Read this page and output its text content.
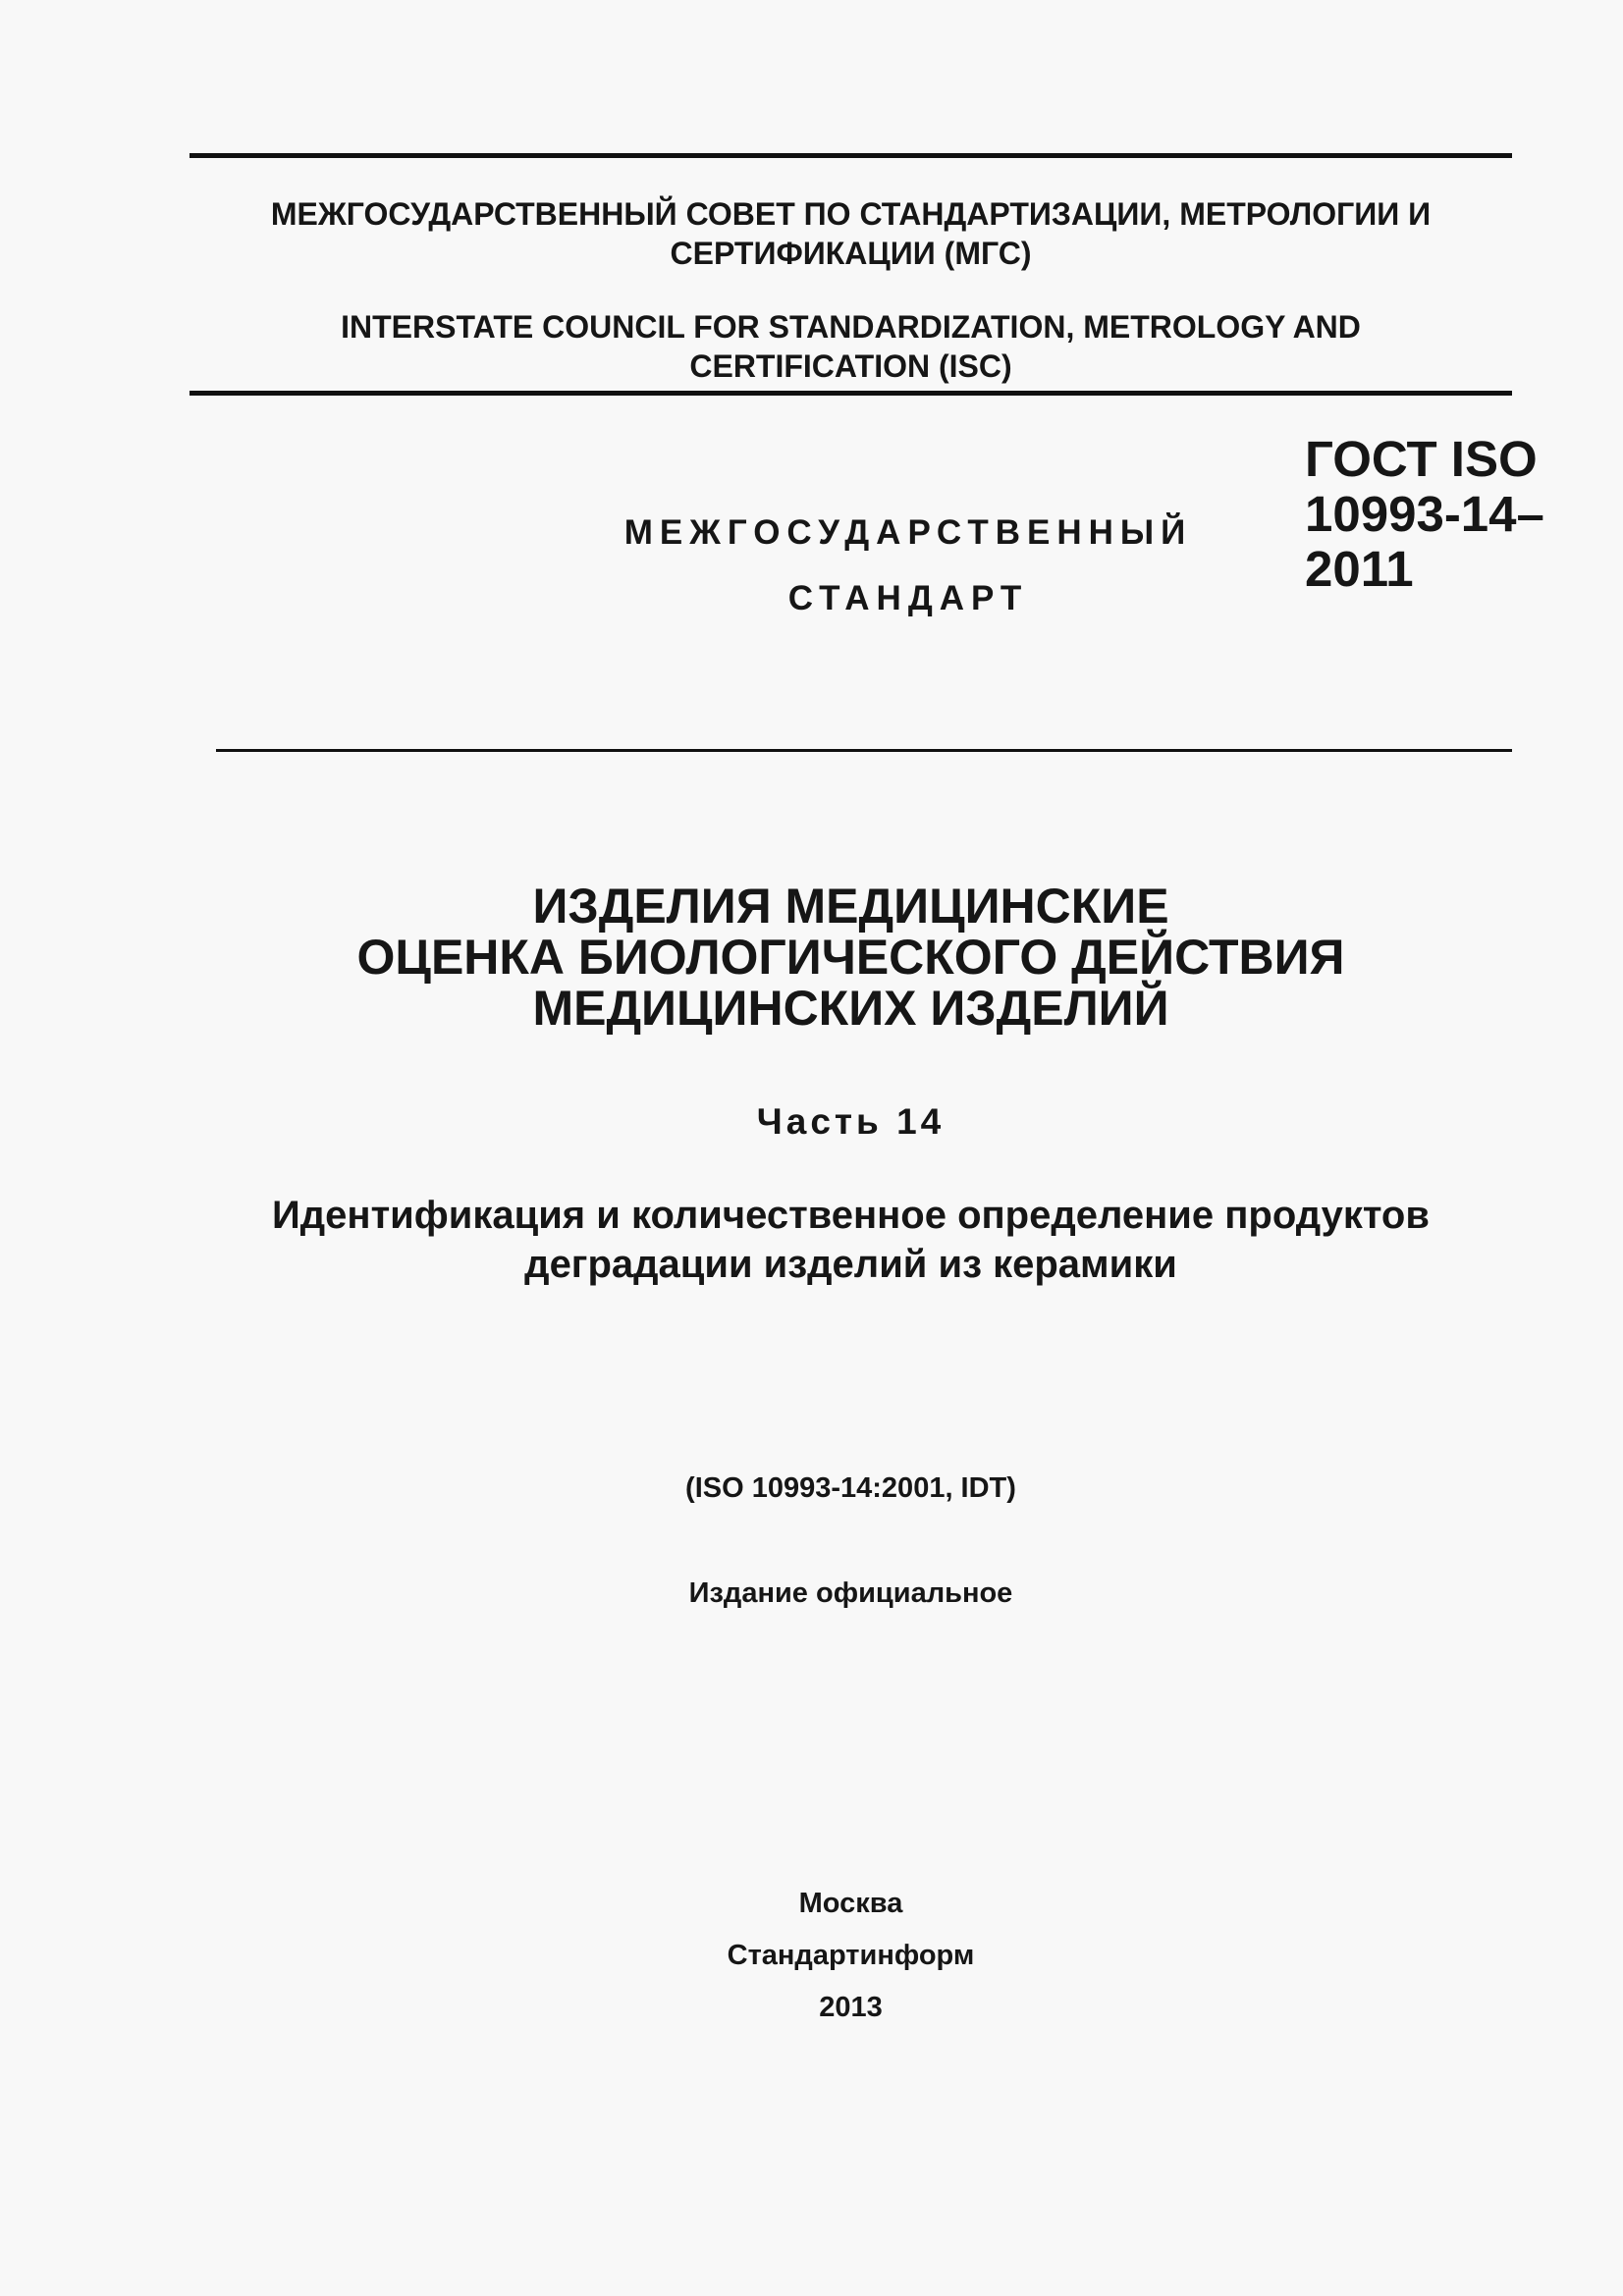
МЕЖГОСУДАРСТВЕННЫЙ СОВЕТ ПО СТАНДАРТИЗАЦИИ, МЕТРОЛОГИИ И
СЕРТИФИКАЦИИ (МГС)
INTERSTATE COUNCIL FOR STANDARDIZATION, METROLOGY AND
CERTIFICATION (ISC)
МЕЖГОСУДАРСТВЕННЫЙ
СТАНДАРТ
ГОСТ ISO
10993-14–
2011
ИЗДЕЛИЯ МЕДИЦИНСКИЕ
ОЦЕНКА БИОЛОГИЧЕСКОГО ДЕЙСТВИЯ
МЕДИЦИНСКИХ ИЗДЕЛИЙ
Часть 14
Идентификация и количественное определение продуктов
деградации изделий из керамики
(ISO 10993-14:2001, IDT)
Издание официальное
Москва
Стандартинформ
2013
